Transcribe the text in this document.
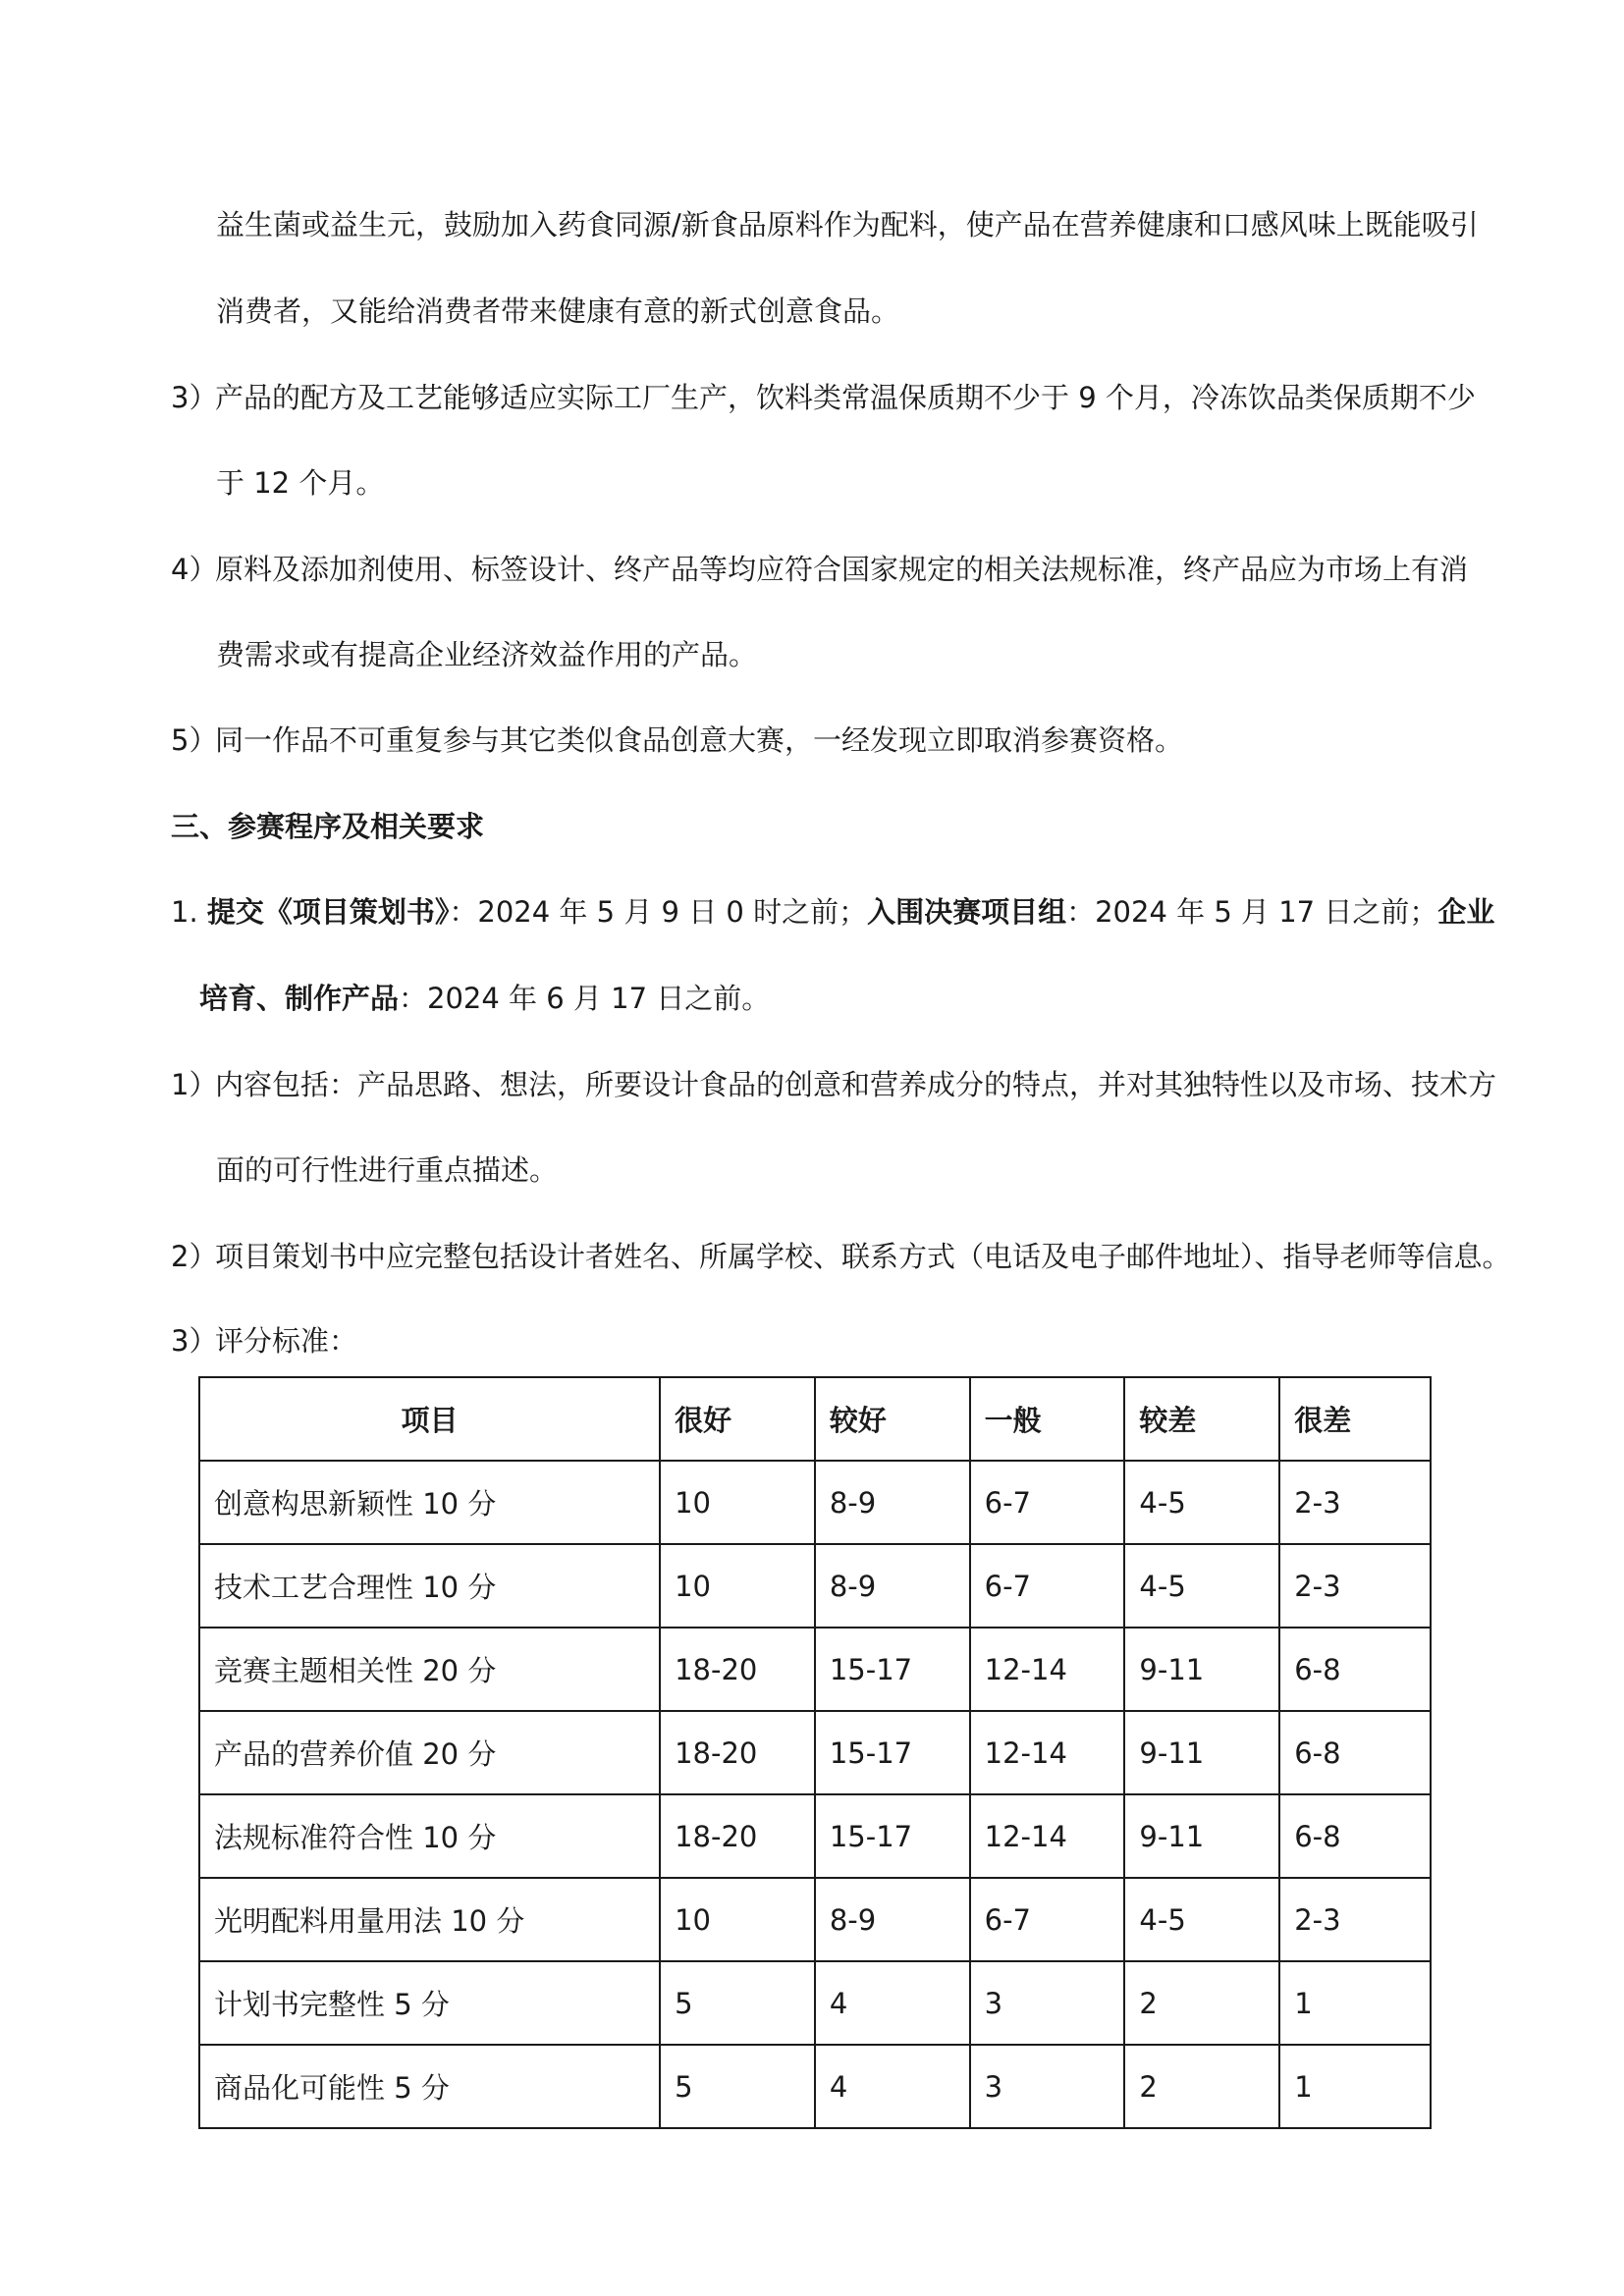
益生菌或益生元，鼓励加入药食同源/新食品原料作为配料，使产品在营养健康和口感风味上既能吸引
消费者，又能给消费者带来健康有意的新式创意食品。
3）产品的配方及工艺能够适应实际工厂生产，饮料类常温保质期不少于 9 个月，冷冻饮品类保质期不少
于 12 个月。
4）原料及添加剂使用、标签设计、终产品等均应符合国家规定的相关法规标准，终产品应为市场上有消
费需求或有提高企业经济效益作用的产品。
5）同一作品不可重复参与其它类似食品创意大赛，一经发现立即取消参赛资格。
三、参赛程序及相关要求
1. 提交《项目策划书》：2024 年 5 月 9 日 0 时之前；入围决赛项目组：2024 年 5 月 17 日之前；企业
培育、制作产品：2024 年 6 月 17 日之前。
1）内容包括：产品思路、想法，所要设计食品的创意和营养成分的特点，并对其独特性以及市场、技术方
面的可行性进行重点描述。
2）项目策划书中应完整包括设计者姓名、所属学校、联系方式（电话及电子邮件地址）、指导老师等信息。
3）评分标准：
项目	很好	较好	一般	较差	很差
创意构思新颖性 10 分	10	8-9	6-7	4-5	2-3
技术工艺合理性 10 分	10	8-9	6-7	4-5	2-3
竞赛主题相关性 20 分	18-20	15-17	12-14	9-11	6-8
产品的营养价值 20 分	18-20	15-17	12-14	9-11	6-8
法规标准符合性 10 分	18-20	15-17	12-14	9-11	6-8
光明配料用量用法 10 分	10	8-9	6-7	4-5	2-3
计划书完整性 5 分	5	4	3	2	1
商品化可能性 5 分	5	4	3	2	1
